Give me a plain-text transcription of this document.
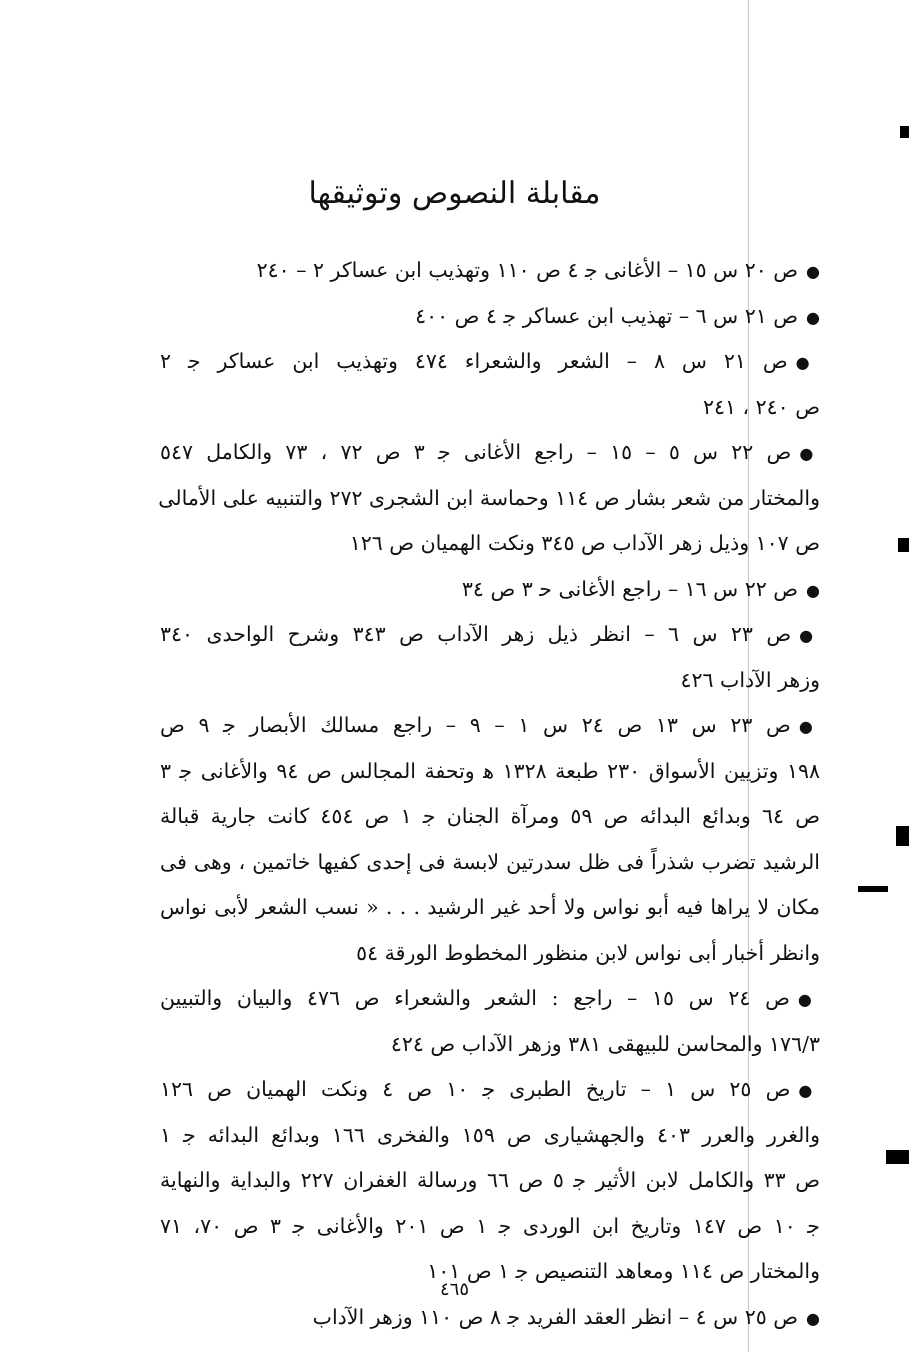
مقابلة النصوص وتوثيقها
●ص ٢٠ س ١٥ – الأغانى ﺟ ٤ ص ١١٠ وتهذيب ابن عساكر ٢ – ٢٤٠
●ص ٢١ س ٦ – تهذيب ابن عساكر ﺟ ٤ ص ٤٠٠
●ص ٢١ س ٨ – الشعر والشعراء ٤٧٤ وتهذيب ابن عساكر ﺟ ٢
ص ٢٤٠ ، ٢٤١
●ص ٢٢ س ٥ – ١٥ – راجع الأغانى ﺟ ٣ ص ٧٢ ، ٧٣ والكامل ٥٤٧
والمختار من شعر بشار ص ١١٤ وحماسة ابن الشجرى ٢٧٢ والتنبيه على الأمالى
ص ١٠٧ وذيل زهر الآداب ص ٣٤٥ ونكت الهميان ص ١٢٦
●ص ٢٢ س ١٦ – راجع الأغانى ﺣ ٣ ص ٣٤
●ص ٢٣ س ٦ – انظر ذيل زهر الآداب ص ٣٤٣ وشرح الواحدى ٣٤٠
وزهر الآداب ٤٢٦
●ص ٢٣ س ١٣ ص ٢٤ س ١ – ٩ – راجع مسالك الأبصار ﺟ ٩ ص
١٩٨ وتزيين الأسواق ٢٣٠ طبعة ١٣٢٨ ﻫ وتحفة المجالس ص ٩٤ والأغانى ﺟ ٣
ص ٦٤ وبدائع البدائه ص ٥٩ ومرآة الجنان ﺟ ١ ص ٤٥٤ كانت جارية قبالة
الرشيد تضرب شذراً فى ظل سدرتين لابسة فى إحدى كفيها خاتمين ، وهى فى
مكان لا يراها فيه أبو نواس ولا أحد غير الرشيد . . . « نسب الشعر لأبى نواس
وانظر أخبار أبى نواس لابن منظور المخطوط الورقة ٥٤
●ص ٢٤ س ١٥ – راجع : الشعر والشعراء ص ٤٧٦ والبيان والتبيين
١٧٦/٣ والمحاسن للبيهقى ٣٨١ وزهر الآداب ص ٤٢٤
●ص ٢٥ س ١ – تاريخ الطبرى ﺟ ١٠ ص ٤ ونكت الهميان ص ١٢٦
والغرر والعرر ٤٠٣ والجهشيارى ص ١٥٩ والفخرى ١٦٦ وبدائع البدائه ﺟ ١
ص ٣٣ والكامل لابن الأثير ﺟ ٥ ص ٦٦ ورسالة الغفران ٢٢٧ والبداية والنهاية
ﺟ ١٠ ص ١٤٧ وتاريخ ابن الوردى ﺟ ١ ص ٢٠١ والأغانى ﺟ ٣ ص ٧٠، ٧١
والمختار ص ١١٤ ومعاهد التنصيص ﺟ ١ ص ١٠١
●ص ٢٥ س ٤ – انظر العقد الفريد ﺟ ٨ ص ١١٠ وزهر الآداب
٤٦٥
